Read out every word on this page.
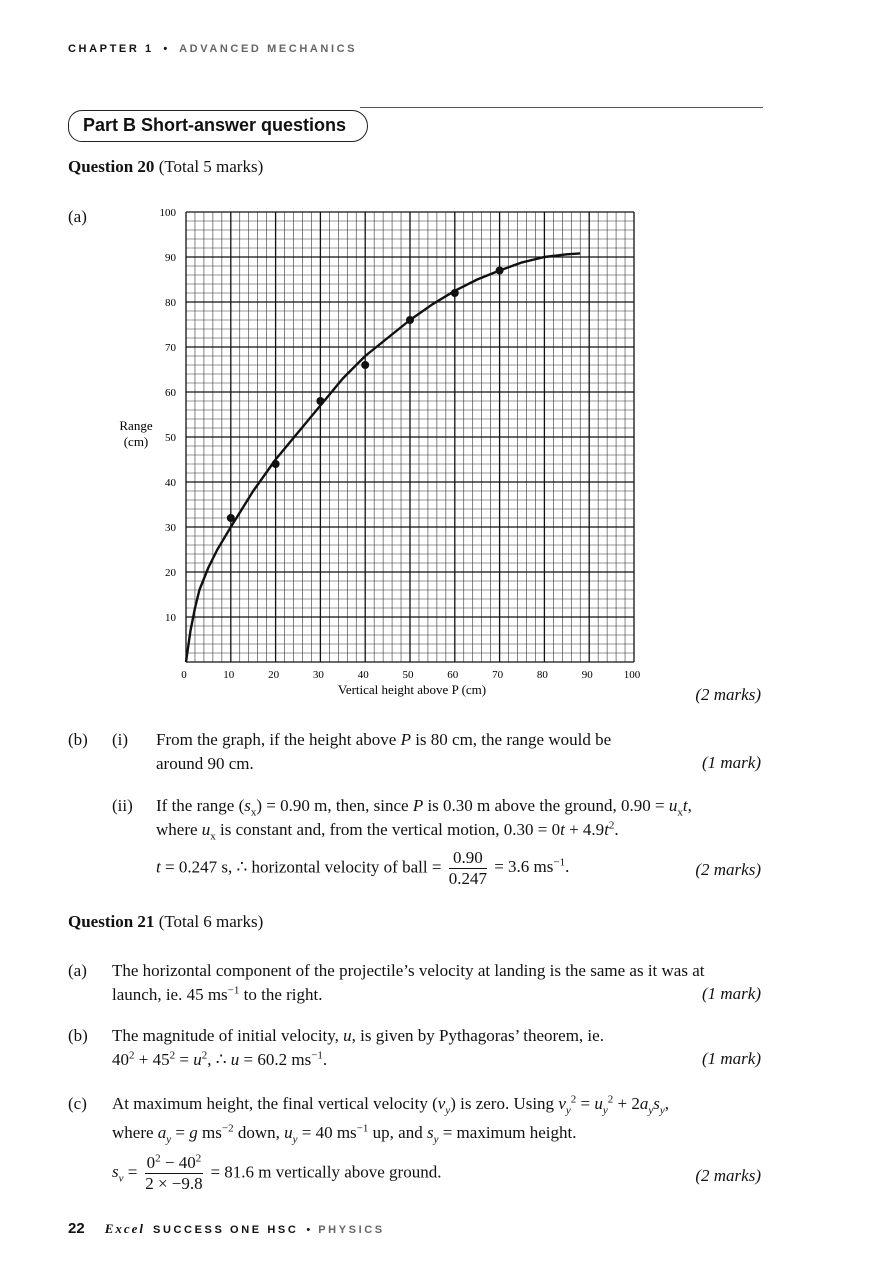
CHAPTER 1 • ADVANCED MECHANICS
Part B Short-answer questions
Question 20 (Total 5 marks)
(a)
10
20
30
40
50
60
70
80
90
100
0	10	20	30	40	50	60	70	80	90	100
Range
(cm)
Vertical height above P (cm)	(2 marks)
(b) (i) From the graph, if the height above P is 80 cm, the range would be
around 90 cm.	(1 mark)
(ii) If the range $(s_x) = 0.90$ m, then, since P is 0.30 m above the ground, $0.90 = u_xt$,
where $u_x$ is constant and, from the vertical motion, $0.30 = 0t + 4.9t^2$.
t = 0.247 s, ∴ horizontal velocity of ball = $\frac{0.90}{0.247} = 3.6$ $ms^{-1}$.	(2 marks)
Question 21 (Total 6 marks)
(a) The horizontal component of the projectile’s velocity at landing is the same as it was at
launch, ie. 45 $ms^{-1}$ to the right.	(1 mark)
(b) The magnitude of initial velocity, u, is given by Pythagoras’ theorem, ie.
$40^2 + 45^2 = u^2$, ∴ u = 60.2 $ms^{-1}$.	(1 mark)
(c) At maximum height, the final vertical velocity $(v_y)$ is zero. Using $v_y^2 = u_y^2 + 2a_ys_y$,
where $a_y = g$ $ms^{-2}$ down, $u_y = 40$ $ms^{-1}$ up, and $s_y$ = maximum height.
$s_v = \frac{0^2 - 40^2}{2 \times -9.8} = 81.6$ m vertically above ground.	(2 marks)
22 Excel SUCCESS ONE HSC • PHYSICS
